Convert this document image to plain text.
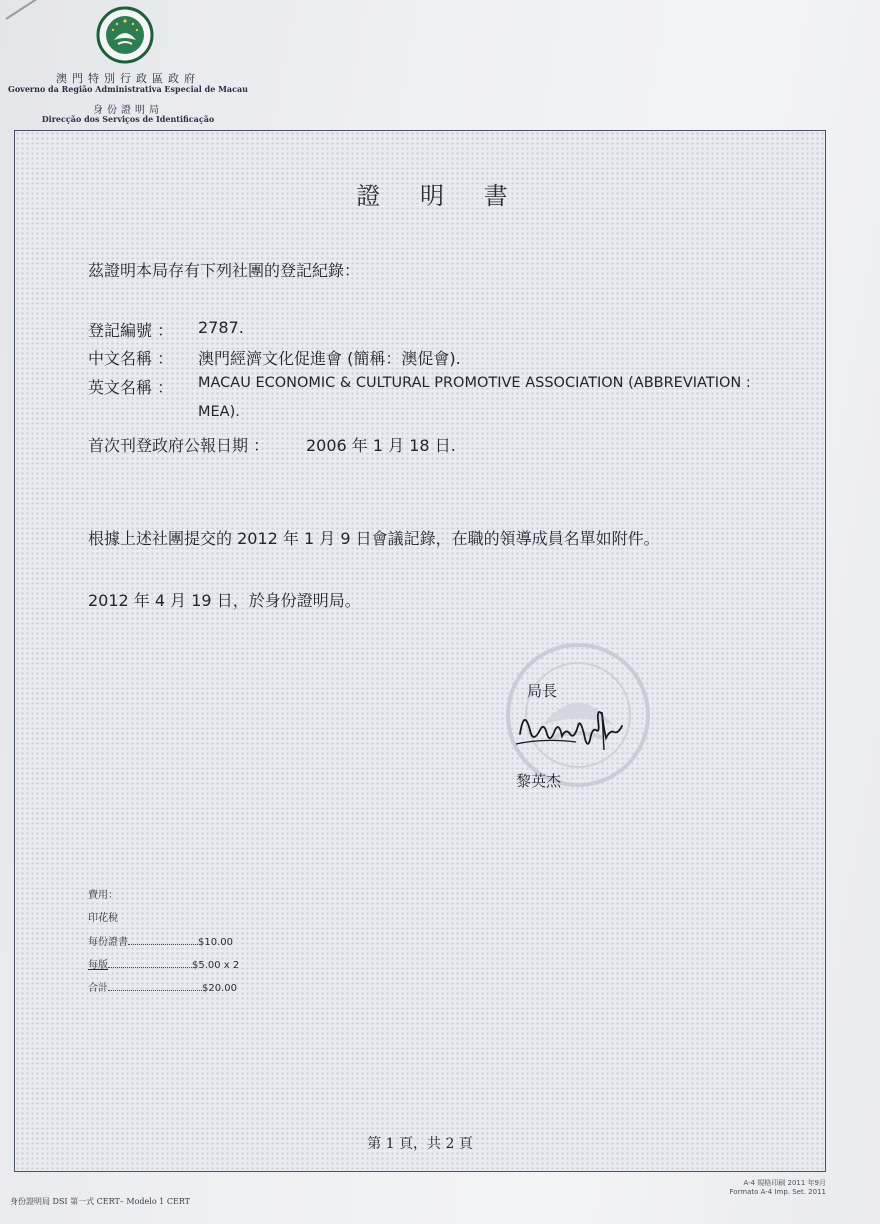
澳門特別行政區政府
Governo da Região Administrativa Especial de Macau
身份證明局
Direcção dos Serviços de Identificação
證 明 書
茲證明本局存有下列社團的登記紀錄：
登記編號 ： 2787.
中文名稱 ： 澳門經濟文化促進會 (簡稱：澳促會).
英文名稱 ： MACAU ECONOMIC & CULTURAL PROMOTIVE ASSOCIATION (ABBREVIATION :
MEA).
首次刊登政府公報日期 ： 2006 年 1 月 18 日.
根據上述社團提交的 2012 年 1 月 9 日會議記錄，在職的領導成員名單如附件。
2012 年 4 月 19 日，於身份證明局。
局長
黎英杰
費用：
印花稅
每份證書	$10.00
每版	$5.00 x 2
合計	$20.00
第 1 頁，共 2 頁
身份證明局 DSI 第一式 CERT– Modelo 1 CERT
A-4 規格印刷 2011 年9月
Formato A-4 Imp. Set. 2011
